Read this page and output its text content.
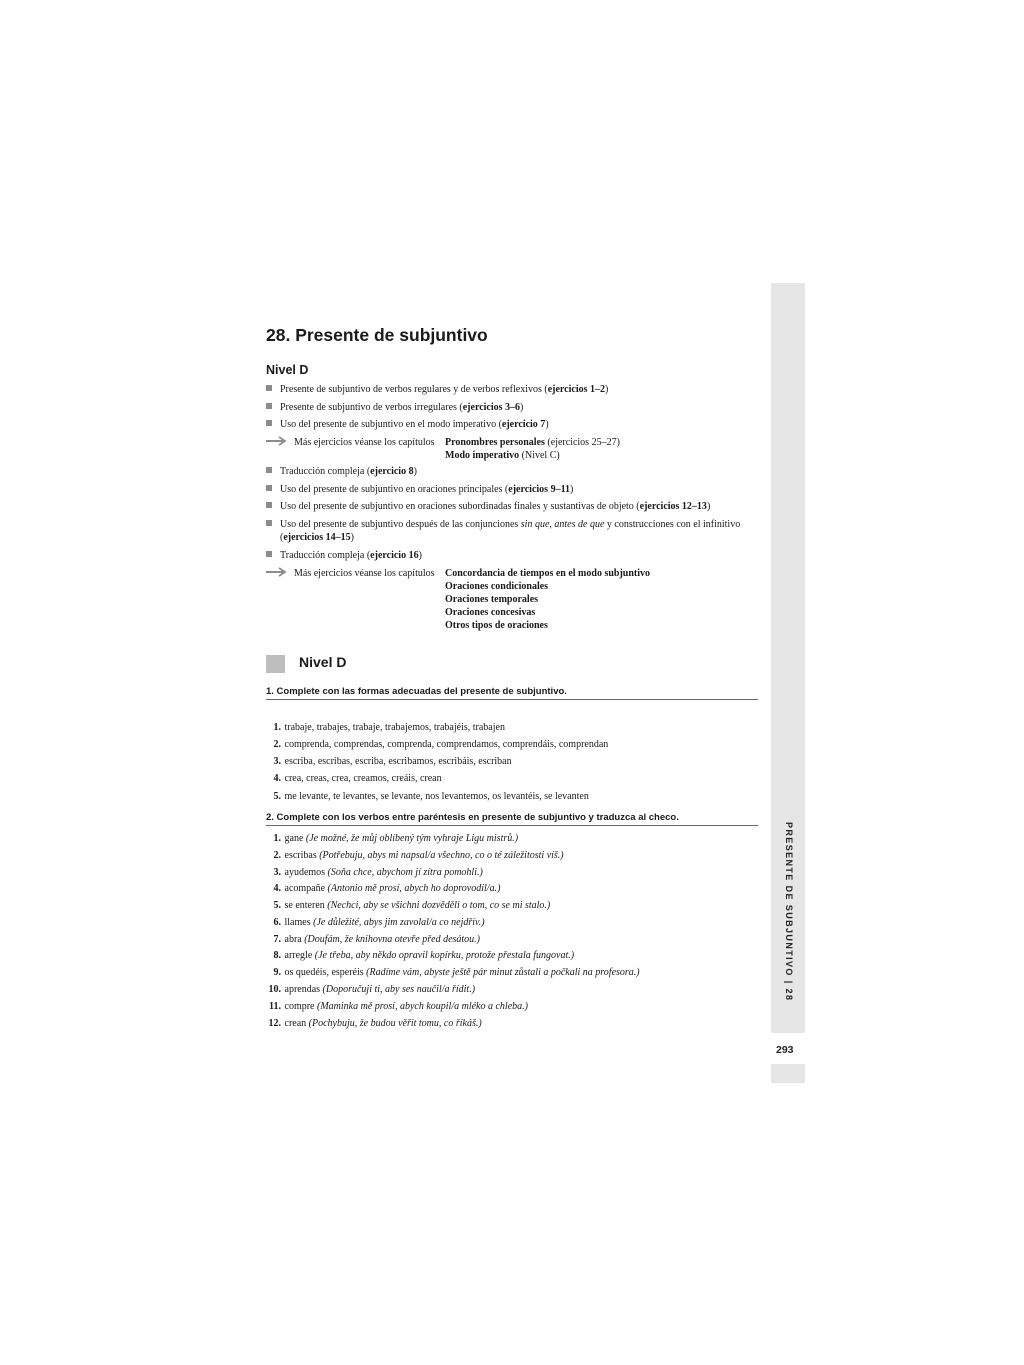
PRESENTE DE SUBJUNTIVO | 28
293
28. Presente de subjuntivo
Nivel D
Presente de subjuntivo de verbos regulares y de verbos reflexivos (ejercicios 1–2)
Presente de subjuntivo de verbos irregulares (ejercicios 3–6)
Uso del presente de subjuntivo en el modo imperativo (ejercicio 7)
Más ejercicios véanse los capítulos	Pronombres personales (ejercicios 25–27)
Modo imperativo (Nivel C)
Traducción compleja (ejercicio 8)
Uso del presente de subjuntivo en oraciones principales (ejercicios 9–11)
Uso del presente de subjuntivo en oraciones subordinadas finales y sustantivas de objeto (ejercicios 12–13)
Uso del presente de subjuntivo después de las conjunciones sin que, antes de que y construcciones con el infinitivo (ejercicios 14–15)
Traducción compleja (ejercicio 16)
Más ejercicios véanse los capítulos	Concordancia de tiempos en el modo subjuntivo
Oraciones condicionales
Oraciones temporales
Oraciones concesivas
Otros tipos de oraciones
Nivel D
1. Complete con las formas adecuadas del presente de subjuntivo.
1. trabaje, trabajes, trabaje, trabajemos, trabajéis, trabajen
2. comprenda, comprendas, comprenda, comprendamos, comprendáis, comprendan
3. escriba, escribas, escriba, escribamos, escribáis, escriban
4. crea, creas, crea, creamos, creáis, crean
5. me levante, te levantes, se levante, nos levantemos, os levantéis, se levanten
2. Complete con los verbos entre paréntesis en presente de subjuntivo y traduzca al checo.
1. gane (Je možné, že můj oblíbený tým vyhraje Ligu mistrů.)
2. escribas (Potřebuju, abys mi napsal/a všechno, co o té záležitosti víš.)
3. ayudemos (Soňa chce, abychom jí zítra pomohli.)
4. acompañe (Antonio mě prosí, abych ho doprovodil/a.)
5. se enteren (Nechci, aby se všichni dozvěděli o tom, co se mi stalo.)
6. llames (Je důležité, abys jim zavolal/a co nejdřív.)
7. abra (Doufám, že knihovna otevře před desátou.)
8. arregle (Je třeba, aby někdo opravil kopírku, protože přestala fungovat.)
9. os quedéis, esperéis (Radíme vám, abyste ještě pár minut zůstali a počkali na profesora.)
10. aprendas (Doporučuji ti, aby ses naučil/a řídit.)
11. compre (Maminka mě prosí, abych koupil/a mléko a chleba.)
12. crean (Pochybuju, že budou věřit tomu, co říkáš.)
